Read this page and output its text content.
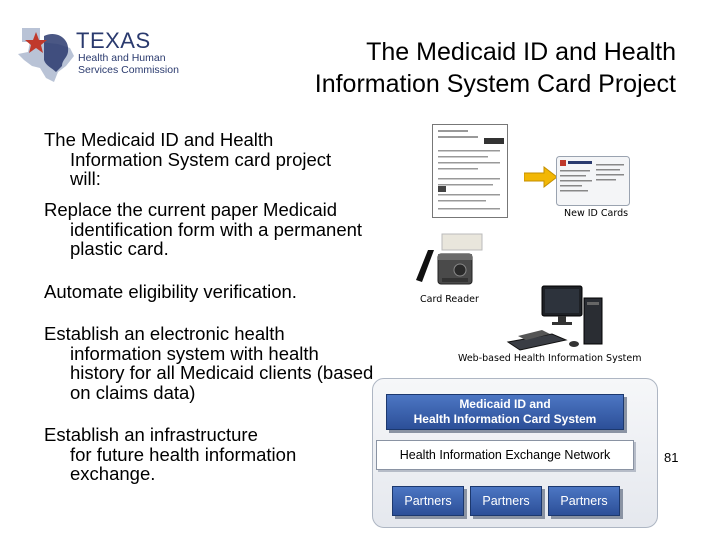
TEXAS
Health and Human
Services Commission
The Medicaid ID and Health
Information System Card Project
The Medicaid ID and Health
Information System card project
will:
Replace the current paper Medicaid
identification form with a permanent
plastic card.
Automate eligibility verification.
Establish an electronic health
information system with health
history for all Medicaid clients (based
on claims data)
Establish an infrastructure
for future health information
exchange.
New ID Cards
Card Reader
Web-based Health Information System
Medicaid ID and
Health Information Card System
Health Information Exchange Network
Partners	Partners	Partners
81
